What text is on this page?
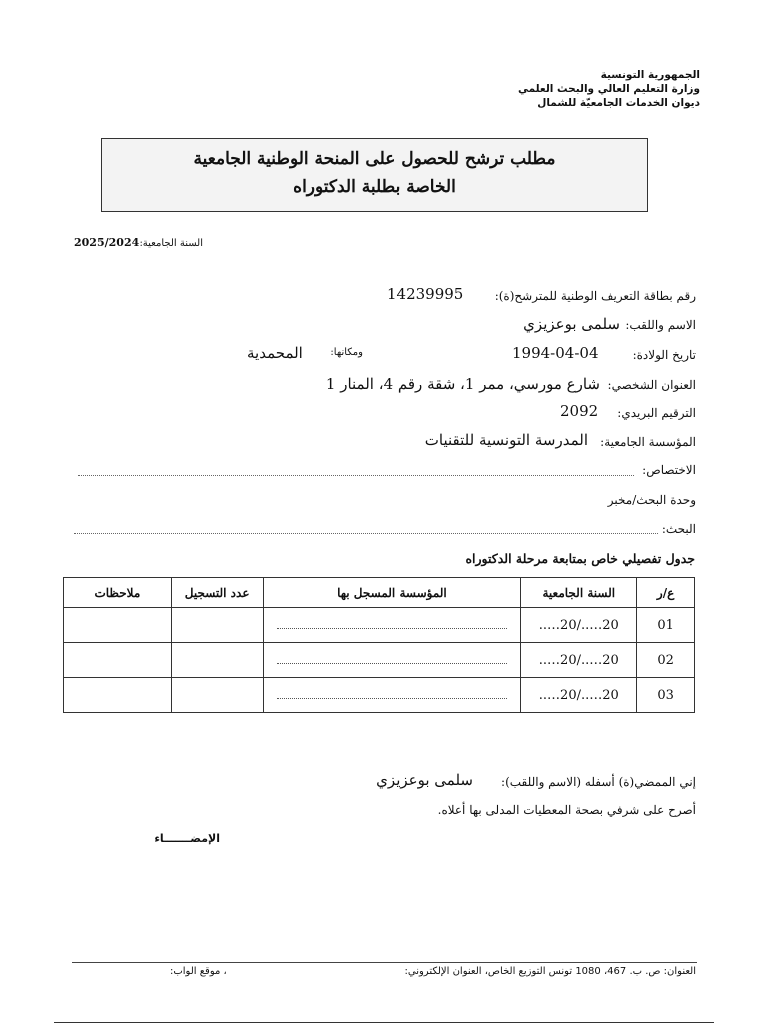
الجمهورية التونسية
وزارة التعليم العالي والبحث العلمي
ديوان الخدمات الجامعيّة للشمال
مطلب ترشح للحصول على المنحة الوطنية الجامعية
الخاصة بطلبة الدكتوراه
السنة الجامعية:
2025/2024
رقم بطاقة التعريف الوطنية للمترشح(ة):
14239995
الاسم واللقب:
سلمى بوعزيزي
تاريخ الولادة:
1994-04-04
ومكانها:
المحمدية
العنوان الشخصي:
شارع مورسي، ممر 1، شقة رقم 4، المنار 1
الترقيم البريدي:
2092
المؤسسة الجامعية:
المدرسة التونسية للتقنيات
الاختصاص:
وحدة البحث/مخبر
البحث:
جدول تفصيلي خاص بمتابعة مرحلة الدكتوراه
ع/ر	السنة الجامعية	المؤسسة المسجل بها	عدد التسجيل	ملاحظات
01	20…../20…..			
02	20…../20…..			
03	20…../20…..			
إني الممضي(ة) أسفله (الاسم واللقب):
سلمى بوعزيزي
أصرح على شرفي بصحة المعطيات المدلى بها أعلاه.
الإمضـــــــاء
العنوان: ص. ب. 467، 1080 تونس التوزيع الخاص، العنوان الإلكتروني:
، موقع الواب:
